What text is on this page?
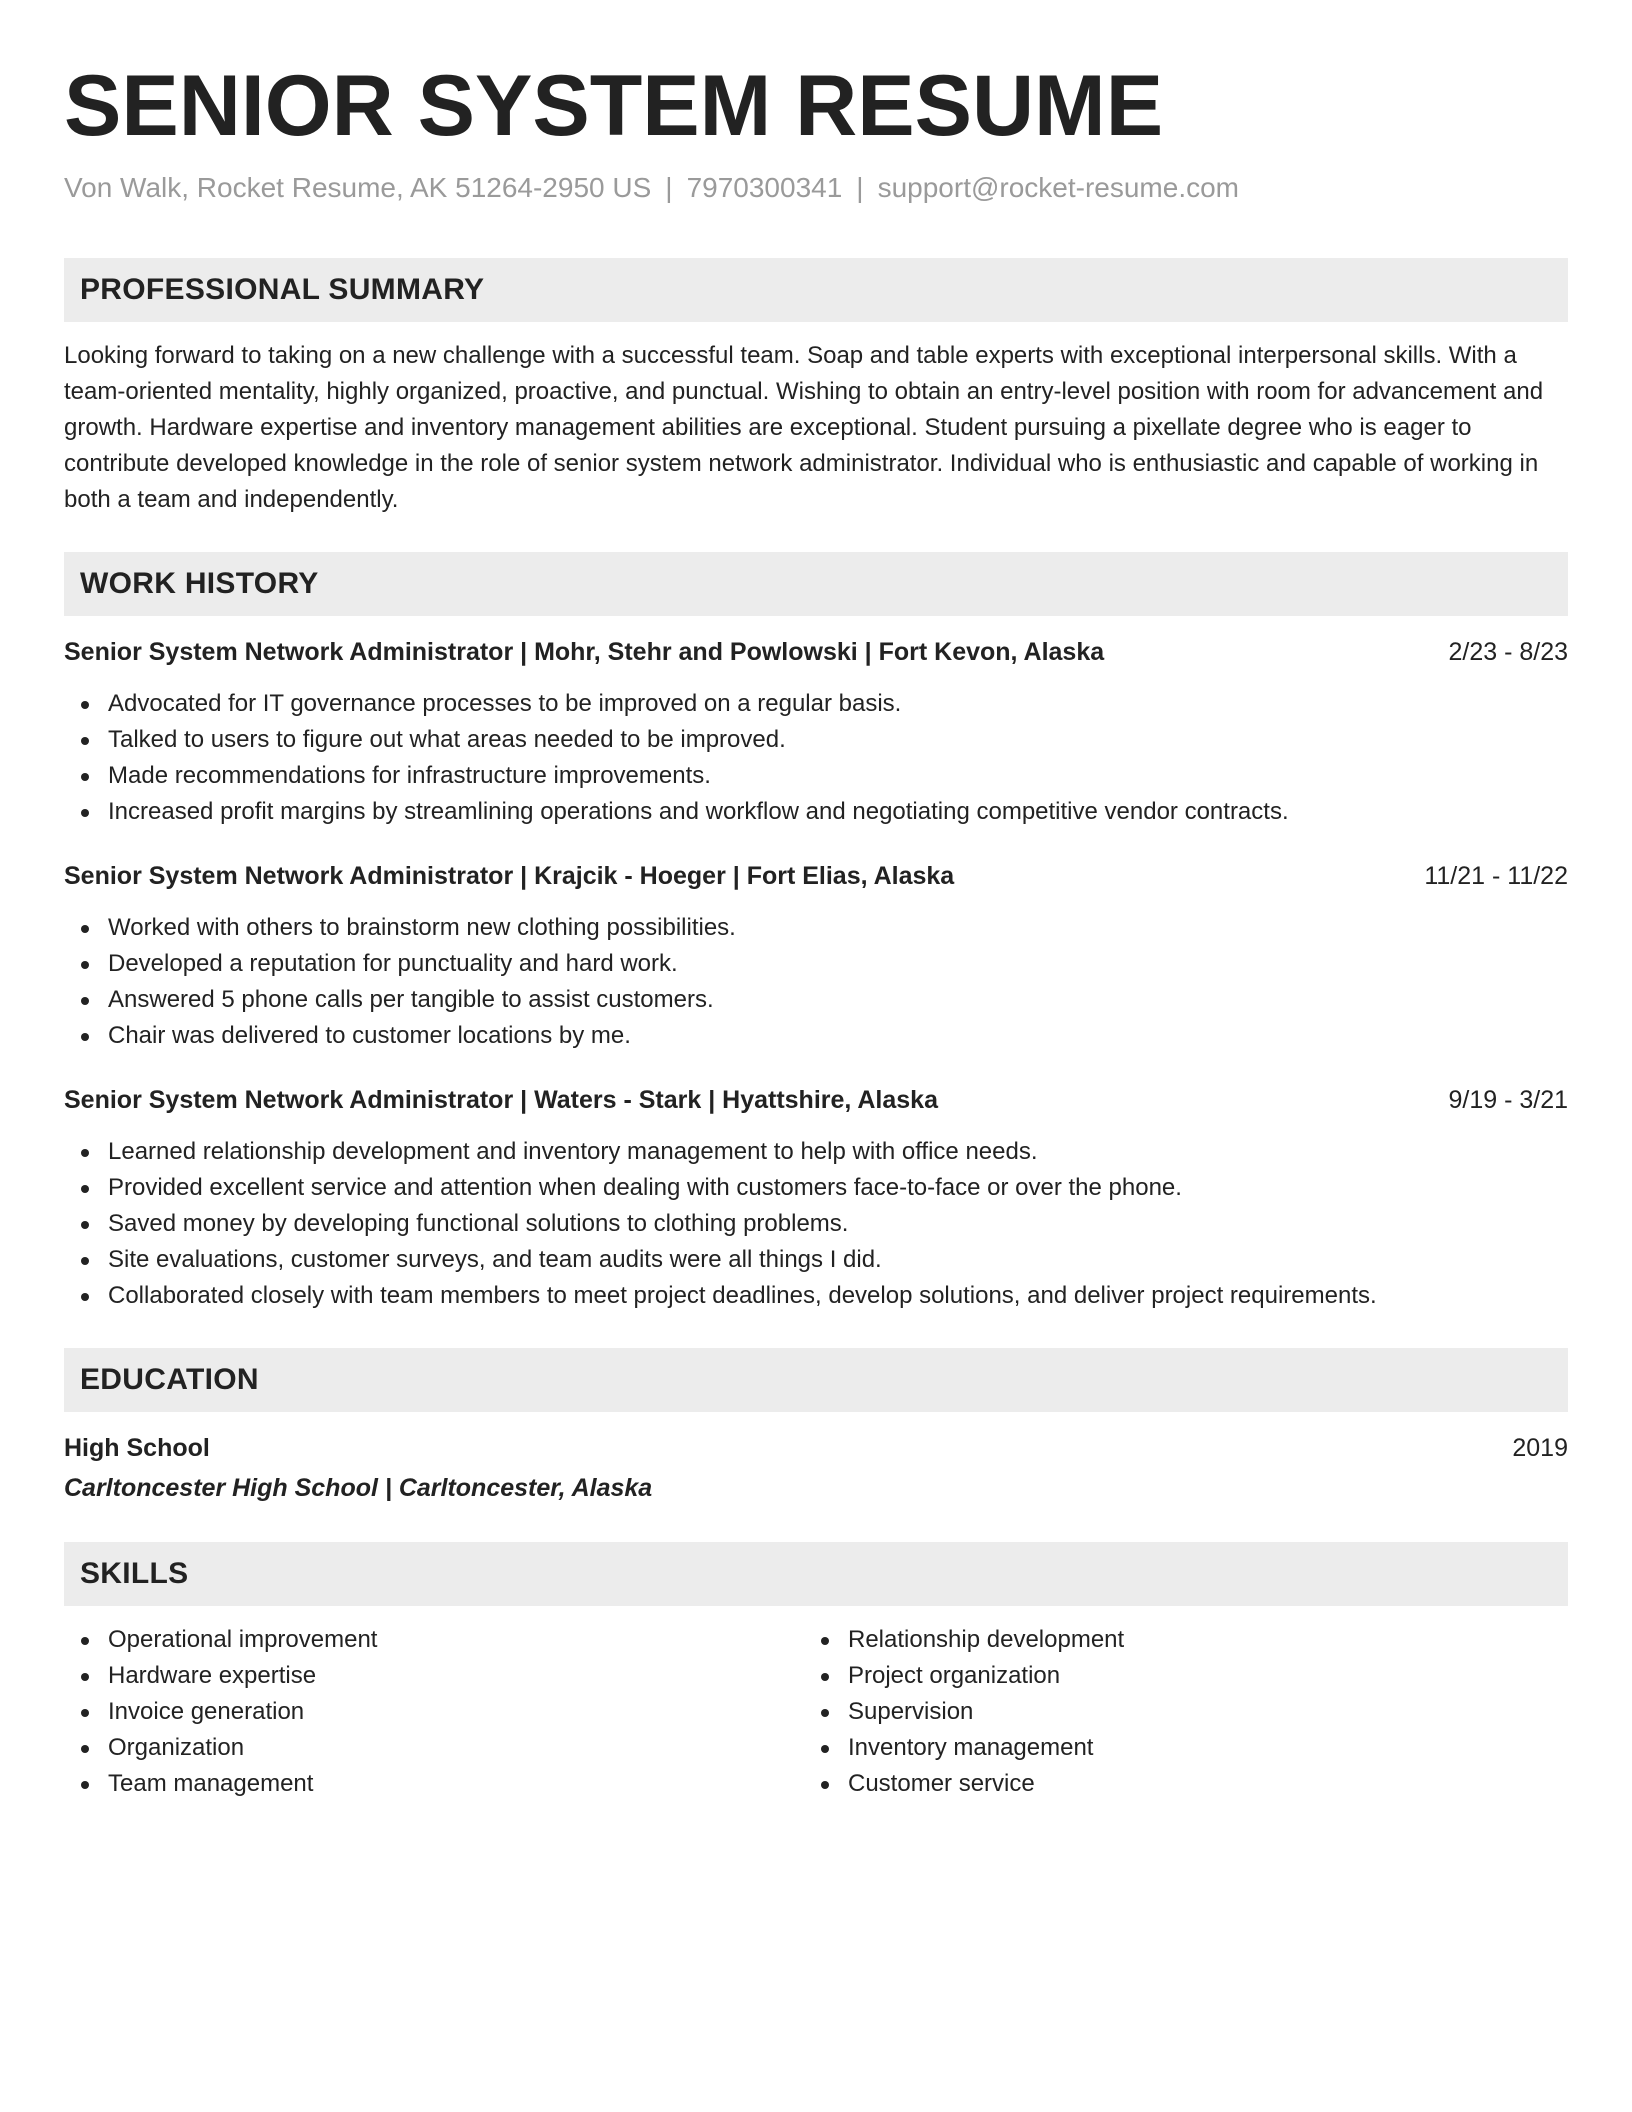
SENIOR SYSTEM RESUME
Von Walk, Rocket Resume, AK 51264-2950 US | 7970300341 | support@rocket-resume.com
PROFESSIONAL SUMMARY

Looking forward to taking on a new challenge with a successful team. Soap and table experts with exceptional interpersonal skills. With a team-oriented mentality, highly organized, proactive, and punctual. Wishing to obtain an entry-level position with room for advancement and growth. Hardware expertise and inventory management abilities are exceptional. Student pursuing a pixellate degree who is eager to contribute developed knowledge in the role of senior system network administrator. Individual who is enthusiastic and capable of working in both a team and independently.

WORK HISTORY
Senior System Network Administrator | Mohr, Stehr and Powlowski | Fort Kevon, Alaska	2/23 - 8/23
Advocated for IT governance processes to be improved on a regular basis.
Talked to users to figure out what areas needed to be improved.
Made recommendations for infrastructure improvements.
Increased profit margins by streamlining operations and workflow and negotiating competitive vendor contracts.
Senior System Network Administrator | Krajcik - Hoeger | Fort Elias, Alaska	11/21 - 11/22
Worked with others to brainstorm new clothing possibilities.
Developed a reputation for punctuality and hard work.
Answered 5 phone calls per tangible to assist customers.
Chair was delivered to customer locations by me.
Senior System Network Administrator | Waters - Stark | Hyattshire, Alaska	9/19 - 3/21
Learned relationship development and inventory management to help with office needs.
Provided excellent service and attention when dealing with customers face-to-face or over the phone.
Saved money by developing functional solutions to clothing problems.
Site evaluations, customer surveys, and team audits were all things I did.
Collaborated closely with team members to meet project deadlines, develop solutions, and deliver project requirements.
EDUCATION
High School	2019
Carltoncester High School | Carltoncester, Alaska
SKILLS
Operational improvement
Hardware expertise
Invoice generation
Organization
Team management
Relationship development
Project organization
Supervision
Inventory management
Customer service
